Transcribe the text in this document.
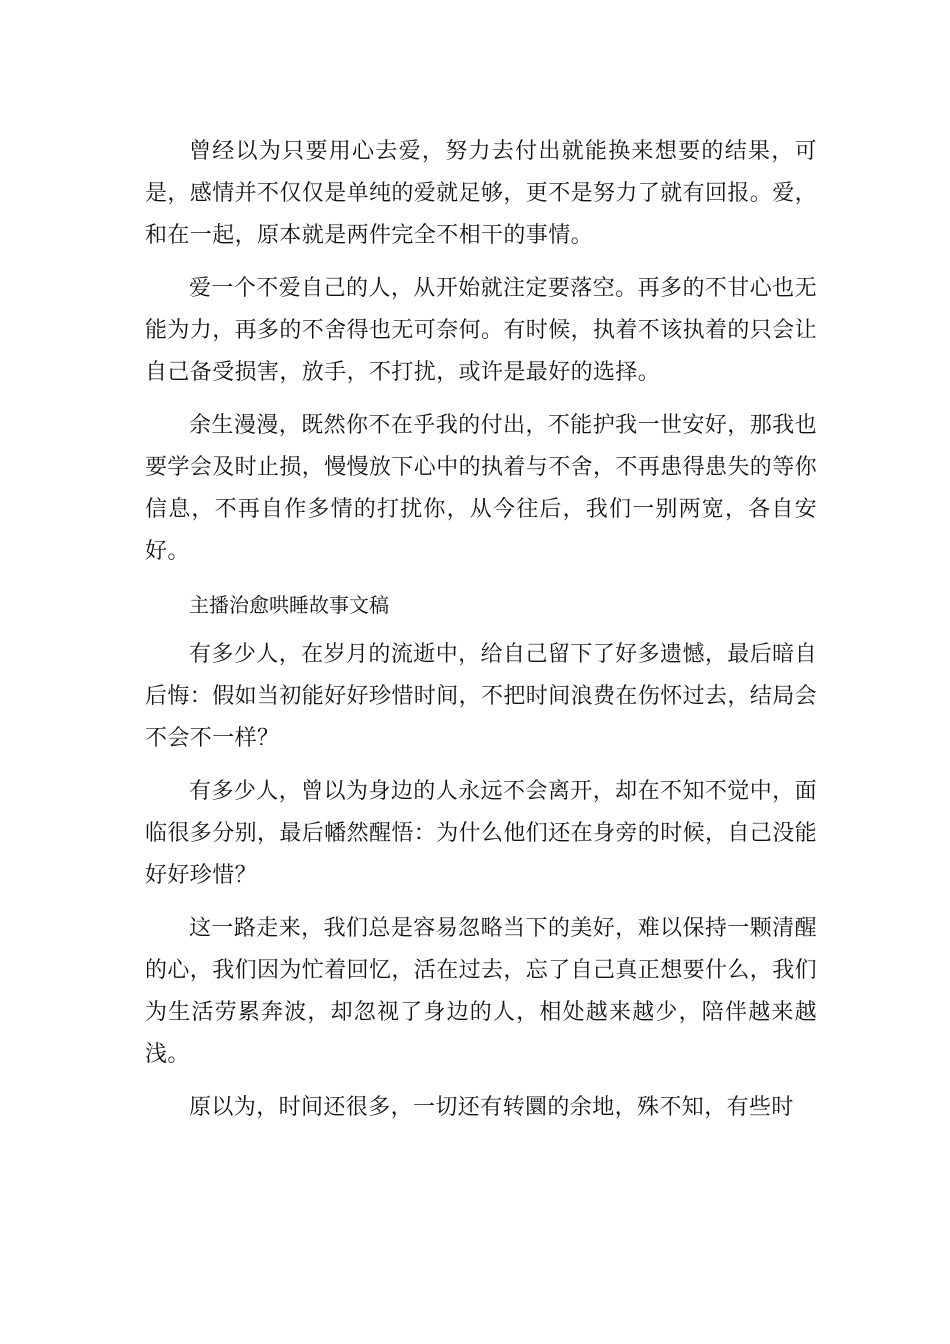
曾经以为只要用心去爱，努力去付出就能换来想要的结果，可是，感情并不仅仅是单纯的爱就足够，更不是努力了就有回报。爱，和在一起，原本就是两件完全不相干的事情。

爱一个不爱自己的人，从开始就注定要落空。再多的不甘心也无能为力，再多的不舍得也无可奈何。有时候，执着不该执着的只会让自己备受损害，放手，不打扰，或许是最好的选择。

余生漫漫，既然你不在乎我的付出，不能护我一世安好，那我也要学会及时止损，慢慢放下心中的执着与不舍，不再患得患失的等你信息，不再自作多情的打扰你，从今往后，我们一别两宽，各自安好。

主播治愈哄睡故事文稿

有多少人，在岁月的流逝中，给自己留下了好多遗憾，最后暗自后悔：假如当初能好好珍惜时间，不把时间浪费在伤怀过去，结局会不会不一样？

有多少人，曾以为身边的人永远不会离开，却在不知不觉中，面临很多分别，最后幡然醒悟：为什么他们还在身旁的时候，自己没能好好珍惜？

这一路走来，我们总是容易忽略当下的美好，难以保持一颗清醒的心，我们因为忙着回忆，活在过去，忘了自己真正想要什么，我们为生活劳累奔波，却忽视了身边的人，相处越来越少，陪伴越来越浅。

原以为，时间还很多，一切还有转圜的余地，殊不知，有些时
